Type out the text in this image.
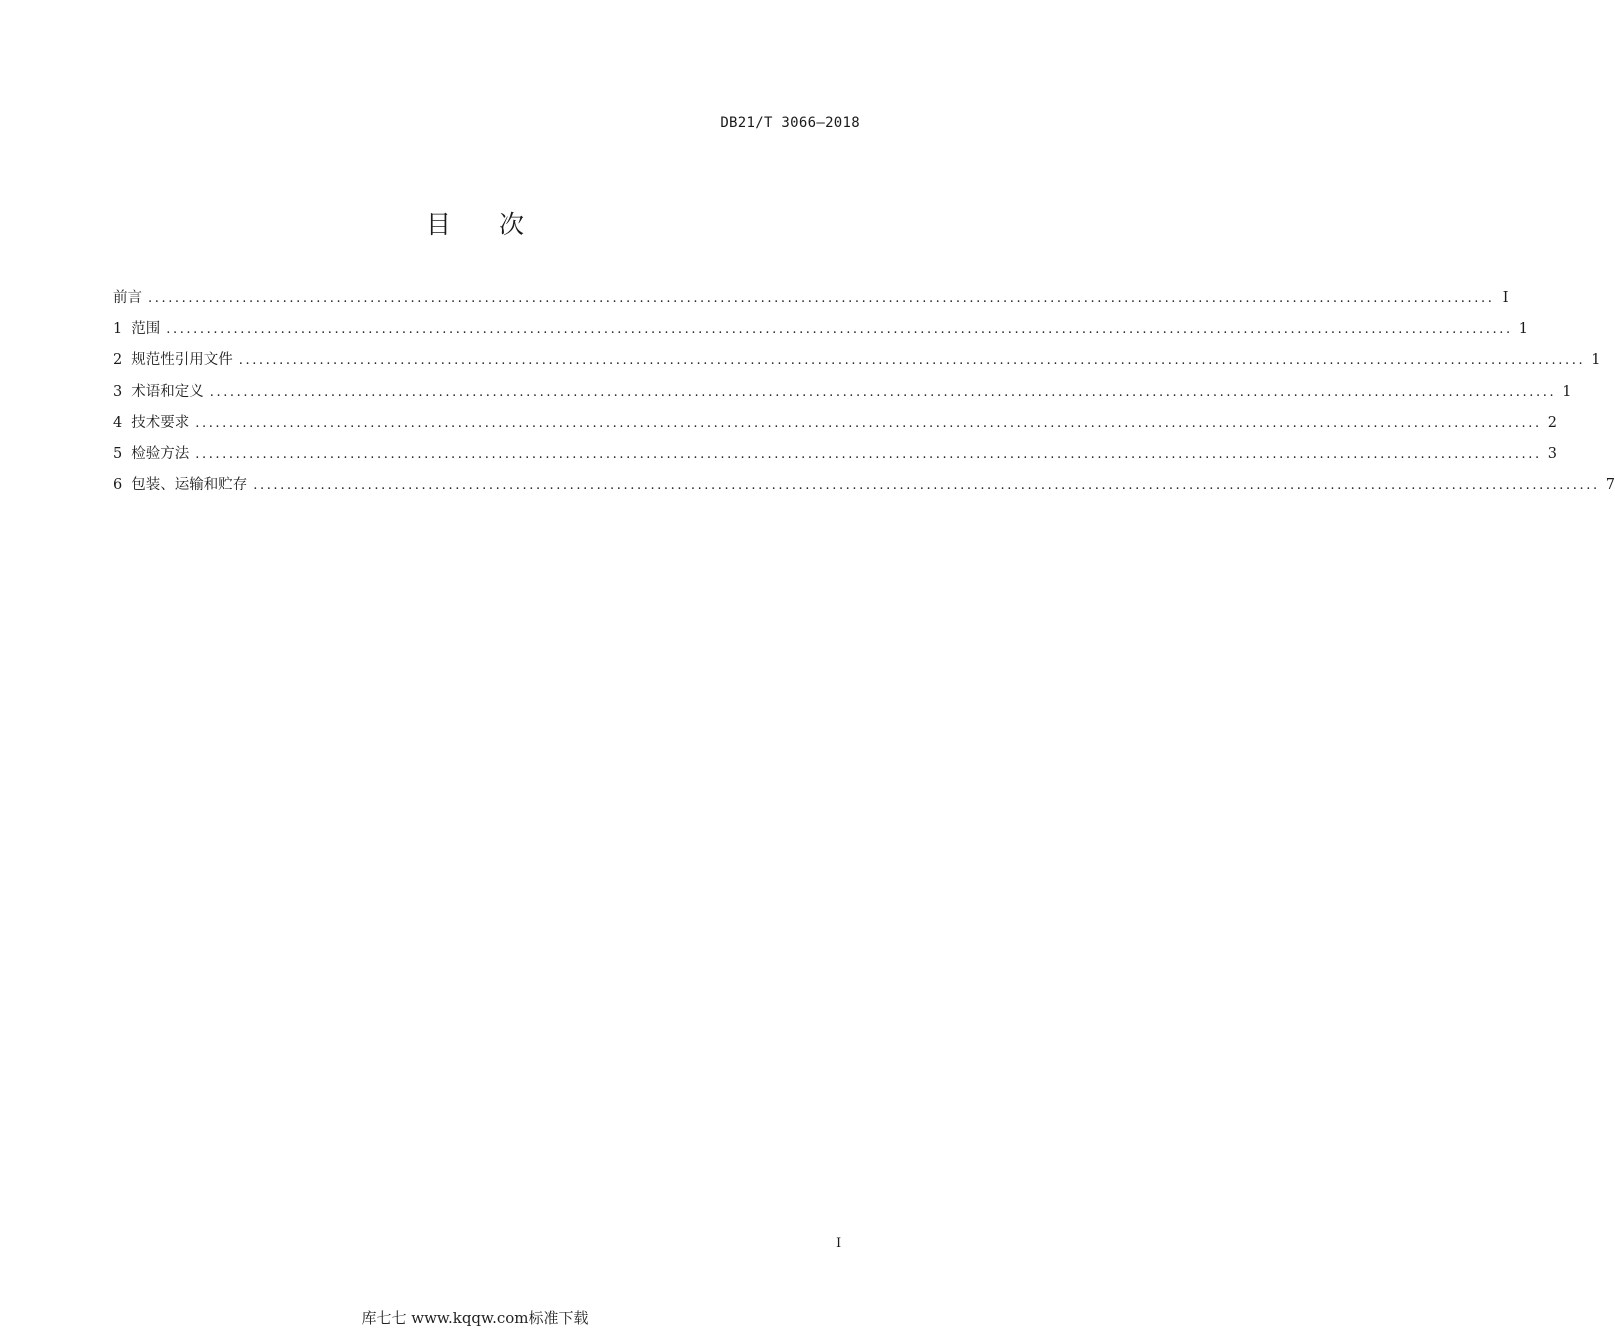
DB21/T 3066—2018
目次
前言 ........................................................................................................................................................................................................ I
1 范围 ........................................................................................................................................................................................................ 1
2 规范性引用文件 ........................................................................................................................................................................................................ 1
3 术语和定义 ........................................................................................................................................................................................................ 1
4 技术要求 ........................................................................................................................................................................................................ 2
5 检验方法 ........................................................................................................................................................................................................ 3
6 包装、运输和贮存 ........................................................................................................................................................................................................ 7
I
库七七 www.kqqw.com标准下载
